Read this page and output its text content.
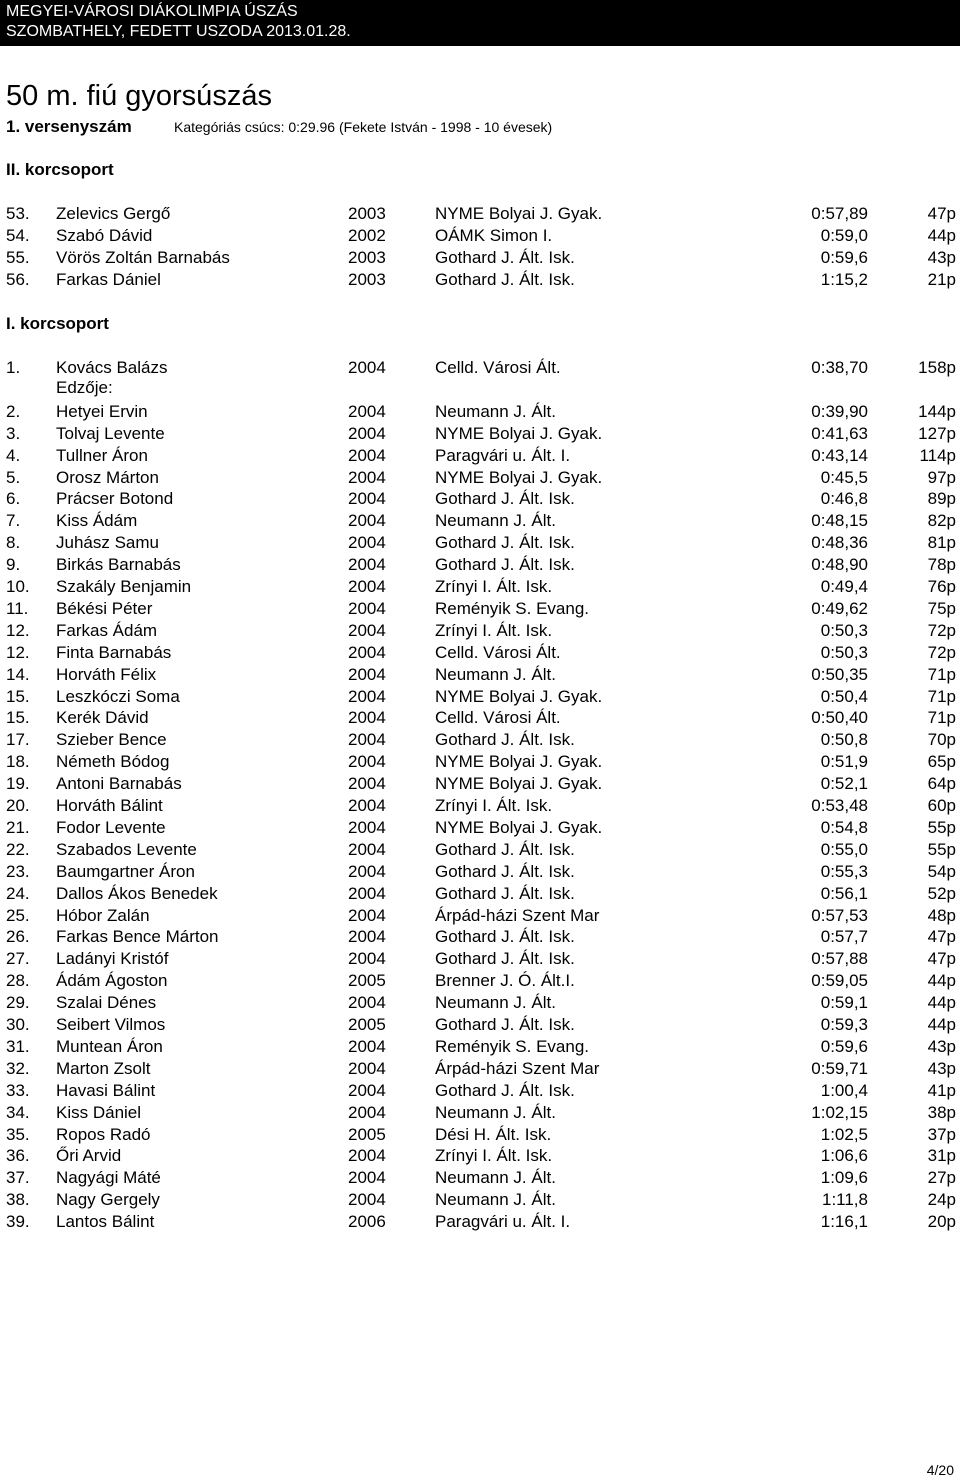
MEGYEI-VÁROSI DIÁKOLIMPIA ÚSZÁS
SZOMBATHELY, FEDETT USZODA 2013.01.28.
50 m. fiú gyorsúszás
1. versenyszám	Kategóriás csúcs: 0:29.96 (Fekete István - 1998 - 10 évesek)
II. korcsoport
53. Zelevics Gergő	2003	NYME Bolyai J. Gyak.	0:57,89	47p
54. Szabó Dávid	2002	OÁMK Simon I.	0:59,0	44p
55. Vörös Zoltán Barnabás	2003	Gothard J. Ált. Isk.	0:59,6	43p
56. Farkas Dániel	2003	Gothard J. Ált. Isk.	1:15,2	21p
I. korcsoport
1. Kovács Balázs	2004	Celld. Városi Ált.	0:38,70	158p
2. Hetyei Ervin	2004	Neumann J. Ált.	0:39,90	144p
3. Tolvaj Levente	2004	NYME Bolyai J. Gyak.	0:41,63	127p
4. Tullner Áron	2004	Paragvári u. Ált. I.	0:43,14	114p
5. Orosz Márton	2004	NYME Bolyai J. Gyak.	0:45,5	97p
6. Prácser Botond	2004	Gothard J. Ált. Isk.	0:46,8	89p
7. Kiss Ádám	2004	Neumann J. Ált.	0:48,15	82p
8. Juhász Samu	2004	Gothard J. Ált. Isk.	0:48,36	81p
9. Birkás Barnabás	2004	Gothard J. Ált. Isk.	0:48,90	78p
10. Szakály Benjamin	2004	Zrínyi I. Ált. Isk.	0:49,4	76p
11. Békési Péter	2004	Reményik S. Evang.	0:49,62	75p
12. Farkas Ádám	2004	Zrínyi I. Ált. Isk.	0:50,3	72p
12. Finta Barnabás	2004	Celld. Városi Ált.	0:50,3	72p
14. Horváth Félix	2004	Neumann J. Ált.	0:50,35	71p
15. Leszkóczi Soma	2004	NYME Bolyai J. Gyak.	0:50,4	71p
15. Kerék Dávid	2004	Celld. Városi Ált.	0:50,40	71p
17. Szieber Bence	2004	Gothard J. Ált. Isk.	0:50,8	70p
18. Németh Bódog	2004	NYME Bolyai J. Gyak.	0:51,9	65p
19. Antoni Barnabás	2004	NYME Bolyai J. Gyak.	0:52,1	64p
20. Horváth Bálint	2004	Zrínyi I. Ált. Isk.	0:53,48	60p
21. Fodor Levente	2004	NYME Bolyai J. Gyak.	0:54,8	55p
22. Szabados Levente	2004	Gothard J. Ált. Isk.	0:55,0	55p
23. Baumgartner Áron	2004	Gothard J. Ált. Isk.	0:55,3	54p
24. Dallos Ákos Benedek	2004	Gothard J. Ált. Isk.	0:56,1	52p
25. Hóbor Zalán	2004	Árpád-házi Szent Mar	0:57,53	48p
26. Farkas Bence Márton	2004	Gothard J. Ált. Isk.	0:57,7	47p
27. Ladányi Kristóf	2004	Gothard J. Ált. Isk.	0:57,88	47p
28. Ádám Ágoston	2005	Brenner J. Ó. Ált.I.	0:59,05	44p
29. Szalai Dénes	2004	Neumann J. Ált.	0:59,1	44p
30. Seibert Vilmos	2005	Gothard J. Ált. Isk.	0:59,3	44p
31. Muntean Áron	2004	Reményik S. Evang.	0:59,6	43p
32. Marton Zsolt	2004	Árpád-házi Szent Mar	0:59,71	43p
33. Havasi Bálint	2004	Gothard J. Ált. Isk.	1:00,4	41p
34. Kiss Dániel	2004	Neumann J. Ált.	1:02,15	38p
35. Ropos Radó	2005	Dési H. Ált. Isk.	1:02,5	37p
36. Őri Arvid	2004	Zrínyi I. Ált. Isk.	1:06,6	31p
37. Nagyági Máté	2004	Neumann J. Ált.	1:09,6	27p
38. Nagy Gergely	2004	Neumann J. Ált.	1:11,8	24p
39. Lantos Bálint	2006	Paragvári u. Ált. I.	1:16,1	20p
Edzője:
4/20
